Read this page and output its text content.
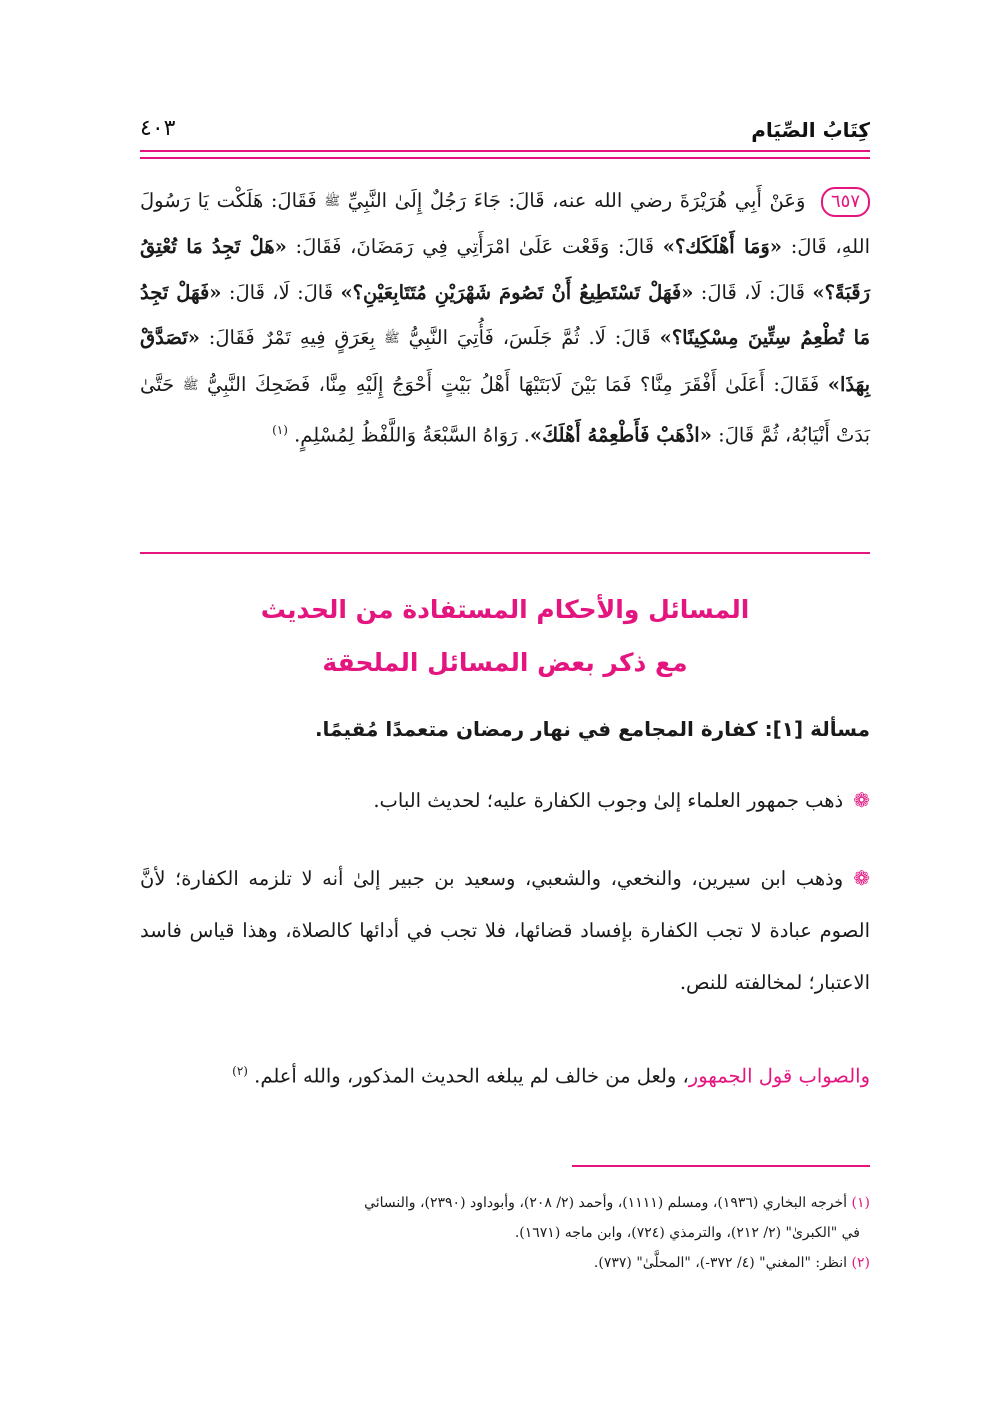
كِتَابُ الصِّيَام
٤٠٣
٦٥٧ وَعَنْ أَبِي هُرَيْرَةَ رضي الله عنه، قَالَ: جَاءَ رَجُلٌ إِلَىٰ النَّبِيِّ ﷺ فَقَالَ: هَلَكْت يَا رَسُولَ اللهِ، قَالَ: «وَمَا أَهْلَكَك؟» قَالَ: وَقَعْت عَلَىٰ امْرَأَتِي فِي رَمَضَانَ، فَقَالَ: «هَلْ تَجِدُ مَا تُعْتِقُ رَقَبَةً؟» قَالَ: لَا، قَالَ: «فَهَلْ تَسْتَطِيعُ أَنْ تَصُومَ شَهْرَيْنِ مُتَتَابِعَيْنِ؟» قَالَ: لَا، قَالَ: «فَهَلْ تَجِدُ مَا تُطْعِمُ سِتِّينَ مِسْكِينًا؟» قَالَ: لَا. ثُمَّ جَلَسَ، فَأُتِيَ النَّبِيُّ ﷺ بِعَرَقٍ فِيهِ تَمْرٌ فَقَالَ: «تَصَدَّقْ بِهَذَا» فَقَالَ: أَعَلَىٰ أَفْقَرَ مِنَّا؟ فَمَا بَيْنَ لَابَتَيْهَا أَهْلُ بَيْتٍ أَحْوَجُ إِلَيْهِ مِنَّا، فَضَحِكَ النَّبِيُّ ﷺ حَتَّىٰ بَدَتْ أَنْيَابُهُ، ثُمَّ قَالَ: «اذْهَبْ فَأَطْعِمْهُ أَهْلَكَ». رَوَاهُ السَّبْعَةُ وَاللَّفْظُ لِمُسْلِمٍ. $^{(١)}$
المسائل والأحكام المستفادة من الحديث
مع ذكر بعض المسائل الملحقة
مسألة [١]: كفارة المجامع في نهار رمضان متعمدًا مُقيمًا.
❁ذهب جمهور العلماء إلىٰ وجوب الكفارة عليه؛ لحديث الباب.
❁وذهب ابن سيرين، والنخعي، والشعبي، وسعيد بن جبير إلىٰ أنه لا تلزمه الكفارة؛ لأنَّ الصوم عبادة لا تجب الكفارة بإفساد قضائها، فلا تجب في أدائها كالصلاة، وهذا قياس فاسد الاعتبار؛ لمخالفته للنص.
والصواب قول الجمهور، ولعل من خالف لم يبلغه الحديث المذكور، والله أعلم. $^{(٢)}$
(١) أخرجه البخاري (١٩٣٦)، ومسلم (١١١١)، وأحمد (٢/ ٢٠٨)، وأبوداود (٢٣٩٠)، والنسائي
في "الكبرىٰ" (٢/ ٢١٢)، والترمذي (٧٢٤)، وابن ماجه (١٦٧١).
(٢) انظر: "المغني" (٤/ ٣٧٢-)، "المحلَّىٰ" (٧٣٧).
